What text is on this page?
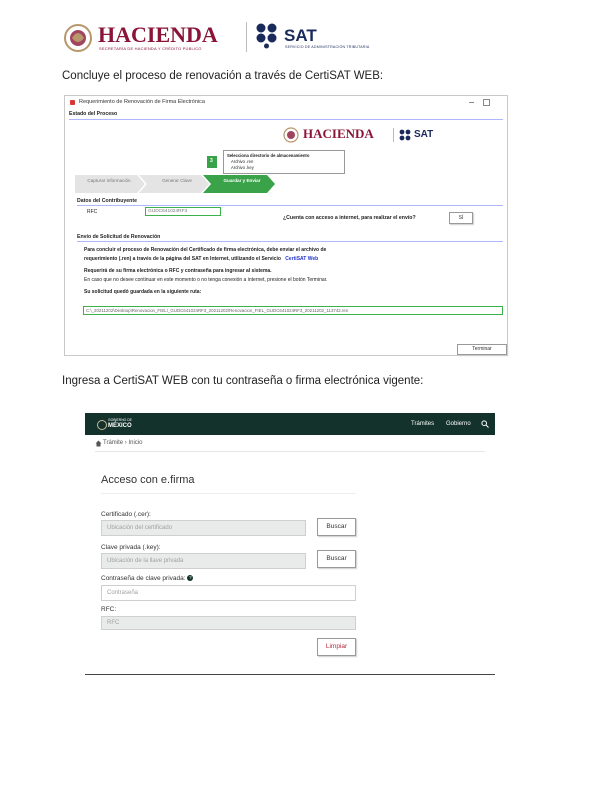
HACIENDA
SECRETARÍA DE HACIENDA Y CRÉDITO PÚBLICO
SAT
SERVICIO DE ADMINISTRACIÓN TRIBUTARIA
Concluye el proceso de renovación a través de CertiSAT WEB:
Requerimiento de Renovación de Firma Electrónica
Estado del Proceso
HACIENDA	SAT
Selecciona directorio de almacenamiento
Archivo .ren
Archivo .key
3
Capturar Información	Generar Clave	Guardar y Enviar
Datos del Contribuyente
RFC	GUDC641024RF3
¿Cuenta con acceso a internet, para realizar el envío?	SÍ
Envío de Solicitud de Renovación
Para concluir el proceso de Renovación del Certificado de firma electrónica, debe enviar el archivo de
requerimiento (.ren) a través de la página del SAT en Internet, utilizando el Servicio CertiSAT Web
Requerirá de su firma electrónica o RFC y contraseña para ingresar al sistema.
En caso que no desee continuar en este momento o no tenga conexión a internet, presione el botón Terminar.
Su solicitud quedó guardada en la siguiente ruta:
C:\_20211202\Desktop\Renovacion_FIEL\_GUDC641024RF3_20211202\Renovacion_FIEL_GUDC641024RF3_20211202_113742.ren
Terminar
Ingresa a CertiSAT WEB con tu contraseña o firma electrónica vigente:
GOBIERNO DE
MÉXICO	Trámites Gobierno
Trámite › Inicio
Acceso con e.firma
Certificado (.cer):
Ubicación del certificado	Buscar
Clave privada (.key):
Ubicación de la llave privada	Buscar
Contraseña de clave privada: ?
Contraseña
RFC:
RFC
Limpiar
